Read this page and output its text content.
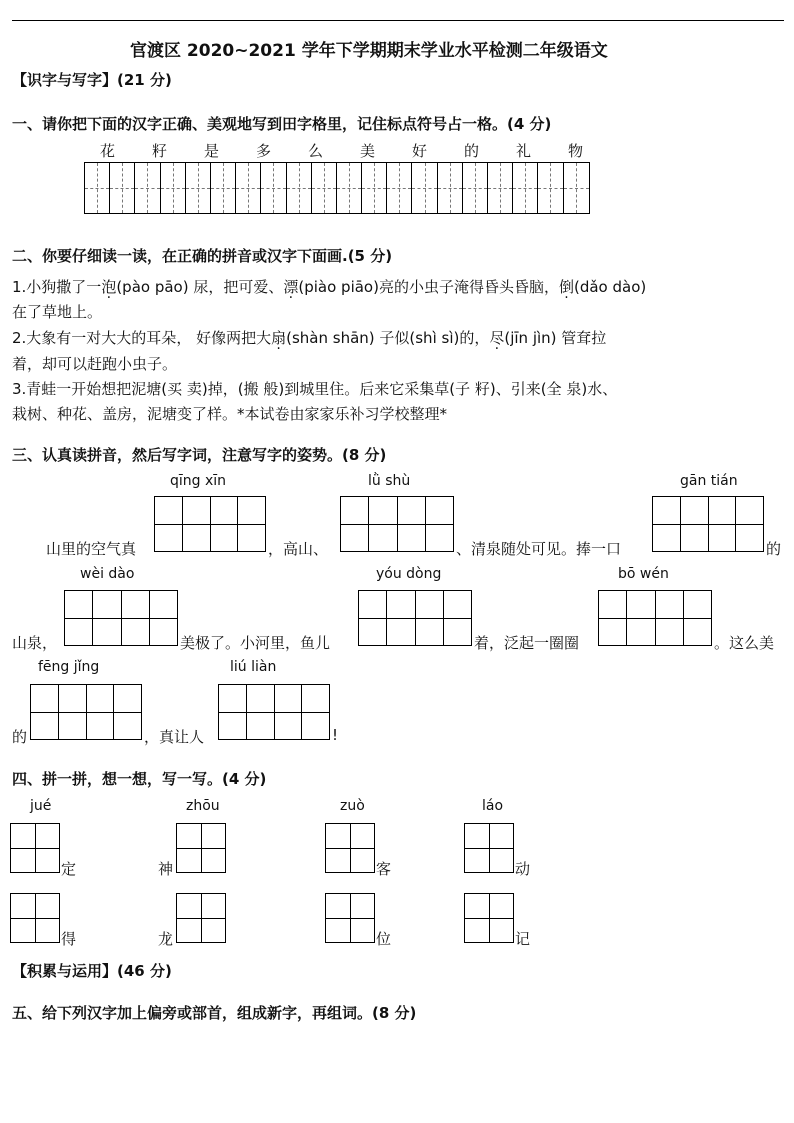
官渡区 2020~2021 学年下学期期末学业水平检测二年级语文
【识字与写字】(21 分)
一、请你把下面的汉字正确、美观地写到田字格里，记住标点符号占一格。(4 分)
花 籽 是 多 么 美 好 的 礼 物
二、你要仔细读一读，在正确的拼音或汉字下面画.(5 分)
1.小狗撒了一泡(pào pāo) 尿，把可爱、漂(piào piāo)亮的小虫子淹得昏头昏脑，倒(dǎo dào)
在了草地上。
2.大象有一对大大的耳朵， 好像两把大扇(shàn shān) 子似(shì sì)的，尽(jīn jìn) 管耷拉
着，却可以赶跑小虫子。
3.青蛙一开始想把泥塘(买 卖)掉，(搬 般)到城里住。后来它采集草(子 籽)、引来(全 泉)水、
栽树、种花、盖房，泥塘变了样。*本试卷由家家乐补习学校整理*
三、认真读拼音，然后写字词，注意写字的姿势。(8 分)
qīng xīn	lǜ shù	gān tián
山里的空气真	，高山、	、清泉随处可见。捧一口	的
wèi dào	yóu dòng	bō wén
山泉，	美极了。小河里，鱼儿	着，泛起一圈圈	。这么美
fēng jǐng	liú liàn
的	，真让人	!
四、拼一拼，想一想，写一写。(4 分)
jué	zhōu	zuò	láo
定	神	客	动
得	龙	位	记
【积累与运用】(46 分)
五、给下列汉字加上偏旁或部首，组成新字，再组词。(8 分)
